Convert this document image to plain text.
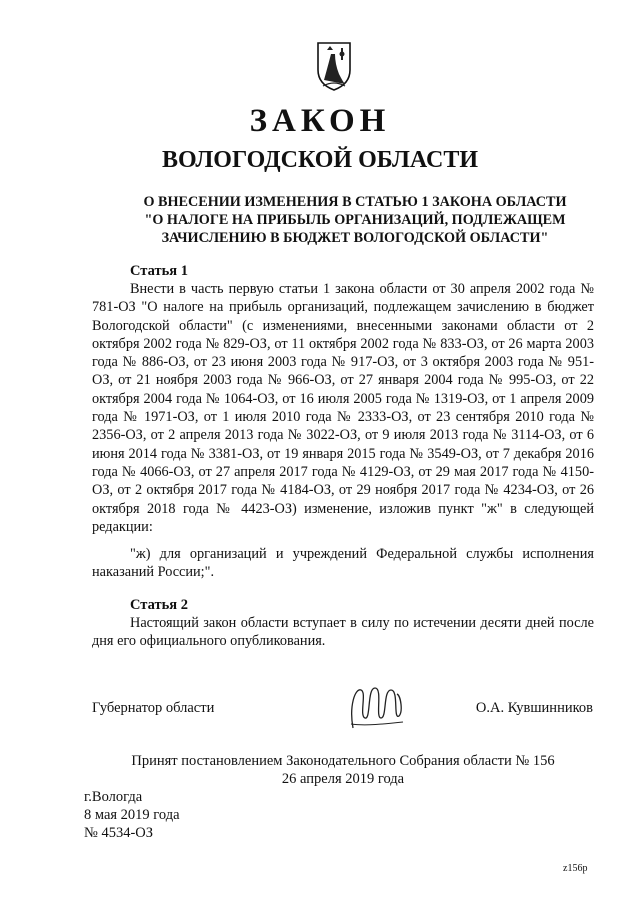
ЗАКОН
ВОЛОГОДСКОЙ ОБЛАСТИ
О ВНЕСЕНИИ ИЗМЕНЕНИЯ В СТАТЬЮ 1 ЗАКОНА ОБЛАСТИ
"О НАЛОГЕ НА ПРИБЫЛЬ ОРГАНИЗАЦИЙ, ПОДЛЕЖАЩЕМ
ЗАЧИСЛЕНИЮ В БЮДЖЕТ ВОЛОГОДСКОЙ ОБЛАСТИ"
Статья 1

Внести в часть первую статьи 1 закона области от 30 апреля 2002 года № 781-ОЗ "О налоге на прибыль организаций, подлежащем зачислению в бюджет Вологодской области" (с изменениями, внесенными законами области от 2 октября 2002 года № 829-ОЗ, от 11 октября 2002 года № 833-ОЗ, от 26 марта 2003 года № 886-ОЗ, от 23 июня 2003 года № 917-ОЗ, от 3 октября 2003 года № 951-ОЗ, от 21 ноября 2003 года № 966-ОЗ, от 27 января 2004 года № 995-ОЗ, от 22 октября 2004 года № 1064-ОЗ, от 16 июля 2005 года № 1319-ОЗ, от 1 апреля 2009 года № 1971-ОЗ, от 1 июля 2010 года № 2333-ОЗ, от 23 сентября 2010 года № 2356-ОЗ, от 2 апреля 2013 года № 3022-ОЗ, от 9 июля 2013 года № 3114-ОЗ, от 6 июня 2014 года № 3381-ОЗ, от 19 января 2015 года № 3549-ОЗ, от 7 декабря 2016 года № 4066-ОЗ, от 27 апреля 2017 года № 4129-ОЗ, от 29 мая 2017 года № 4150-ОЗ, от 2 октября 2017 года № 4184-ОЗ, от 29 ноября 2017 года № 4234-ОЗ, от 26 октября 2018 года № 4423-ОЗ) изменение, изложив пункт "ж" в следующей редакции:

"ж) для организаций и учреждений Федеральной службы исполнения наказаний России;".

Статья 2

Настоящий закон области вступает в силу по истечении десяти дней после дня его официального опубликования.

Губернатор области	О.А. Кувшинников
Принят постановлением Законодательного Собрания области № 156
26 апреля 2019 года
г.Вологда
8 мая 2019 года
№ 4534-ОЗ
z156р
